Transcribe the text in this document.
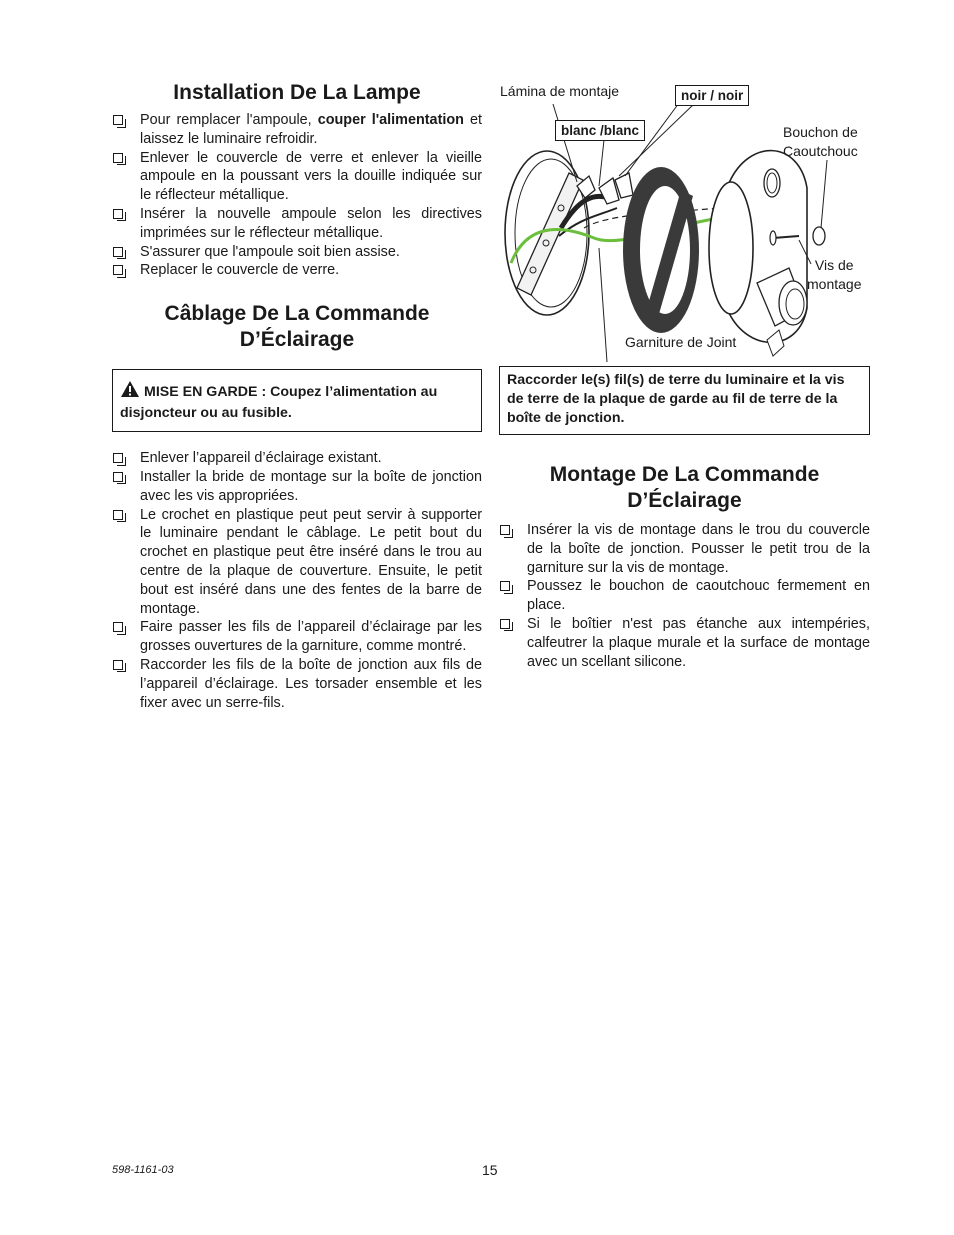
Installation De La Lampe
Pour remplacer l'ampoule, couper l'alimentation et laissez le luminaire refroidir.
Enlever le couvercle de verre et enlever la vieille ampoule en la poussant vers la douille indiquée sur le réflecteur métallique.
Insérer la nouvelle ampoule selon les directives imprimées sur le réflecteur métallique.
S'assurer que l'ampoule soit bien assise.
Replacer le couvercle de verre.
Câblage De La Commande
D’Éclairage
MISE EN GARDE : Coupez l’alimentation au disjoncteur ou au fusible.
Enlever l’appareil d’éclairage existant.
Installer la bride de montage sur la boîte de jonction avec les vis appropriées.
Le crochet en plastique peut peut servir à supporter le luminaire pendant le câblage. Le petit bout du crochet en plastique peut être inséré dans le trou au centre de la plaque de couverture. Ensuite, le petit bout est inséré dans une des fentes de la barre de montage.
Faire passer les fils de l’appareil d’éclairage par les grosses ouvertures de la garniture, comme montré.
Raccorder les fils de la boîte de jonction aux fils de l’appareil d’éclairage. Les torsader ensemble et les fixer avec un serre-fils.
Lámina de montaje	noir / noir
blanc /blanc	Bouchon de
Caoutchouc
Vis de
montage
Garniture de Joint
Raccorder le(s) fil(s) de terre du luminaire et la vis de terre de la plaque de garde au fil de terre de la boîte de jonction.
Montage De La Commande
D’Éclairage
Insérer la vis de montage dans le trou du couvercle de la boîte de jonction. Pousser le petit trou de la garniture sur la vis de montage.
Poussez le bouchon de caoutchouc fermement en place.
Si le boîtier n'est pas étanche aux intempéries, calfeutrer la plaque murale et la surface de montage avec un scellant silicone.
598-1161-03	15
